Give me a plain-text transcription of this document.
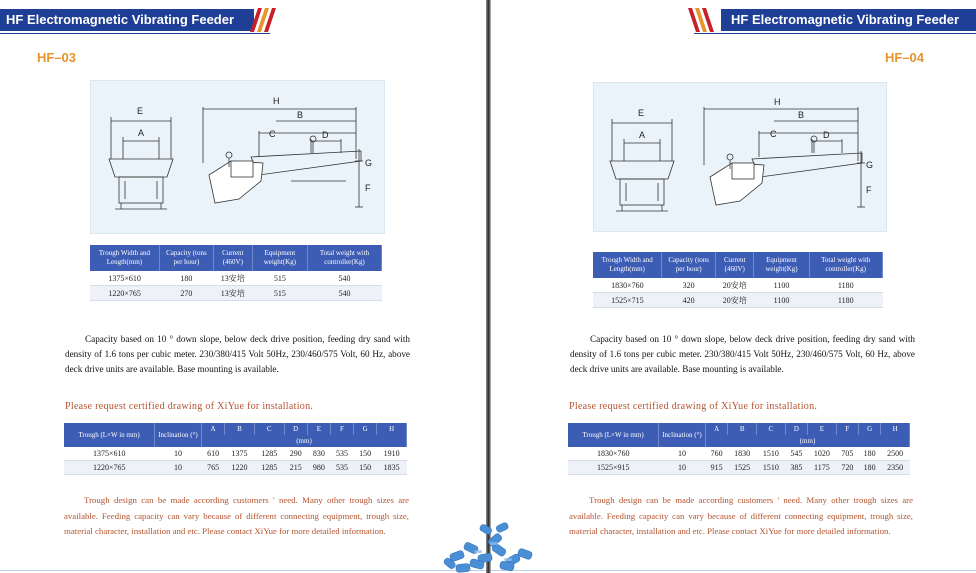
HF Electromagnetic Vibrating Feeder
HF–03
E
A
H
B
C	D
G
F
Trough Width and Length(mm)	Capacity (tons per hour)	Current (460V)	Equipment weight(Kg)	Total weight with controller(Kg)
1375×610	180	13安培	515	540
1220×765	270	13安培	515	540

Capacity based on 10 ° down slope, below deck drive position, feeding dry sand with density of 1.6 tons per cubic meter. 230/380/415 Volt 50Hz, 230/460/575 Volt, 60 Hz, above deck drive units are available. Base mounting is available.

Please request certified drawing of XiYue for installation.
Trough (L×W in mm)	Inclination (°)	A	B	C	D	E	F	G	H
		(mm)							
1375×610	10	610	1375	1285	290	830	535	150	1910
1220×765	10	765	1220	1285	215	980	535	150	1835

Trough design can be made according customers ' need. Many other trough sizes are available. Feeding capacity can vary because of different connecting equipment, trough size, material character, installation and etc. Please contact XiYue for more detailed information.

HF Electromagnetic Vibrating Feeder
HF–04
E
A
H
B
C	D
G
F
Trough Width and Length(mm)	Capacity (tons per hour)	Current (460V)	Equipment weight(Kg)	Total weight with controller(Kg)
1830×760	320	20安培	1100	1180
1525×715	420	20安培	1100	1180

Capacity based on 10 ° down slope, below deck drive position, feeding dry sand with density of 1.6 tons per cubic meter. 230/380/415 Volt 50Hz, 230/460/575 Volt, 60 Hz, above deck drive units are available. Base mounting is available.

Please request certified drawing of XiYue for installation.
Trough (L×W in mm)	Inclination (°)	A	B	C	D	E	F	G	H
		(mm)							
1830×760	10	760	1830	1510	545	1020	705	180	2500
1525×915	10	915	1525	1510	385	1175	720	180	2350

Trough design can be made according customers ' need. Many other trough sizes are available. Feeding capacity can vary because of different connecting equipment, trough size, material character, installation and etc. Please contact XiYue for more detailed information.
